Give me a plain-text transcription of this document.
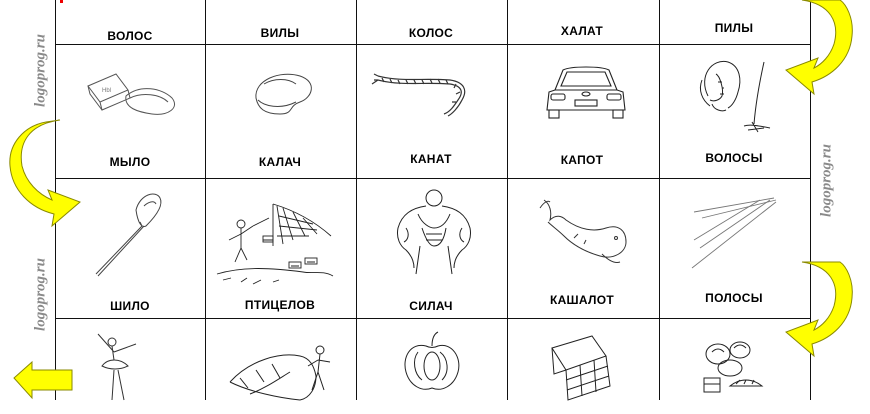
ВОЛОС	ВИЛЫ	КОЛОС	ХАЛАТ	ПИЛЫ
МЫЛО	КАЛАЧ	КАНАТ	КАПОТ	ВОЛОСЫ
ШИЛО	ПТИЦЕЛОВ	СИЛАЧ	КАШАЛОТ	ПОЛОСЫ
logoprog.ru
logoprog.ru
logoprog.ru
Hbl
